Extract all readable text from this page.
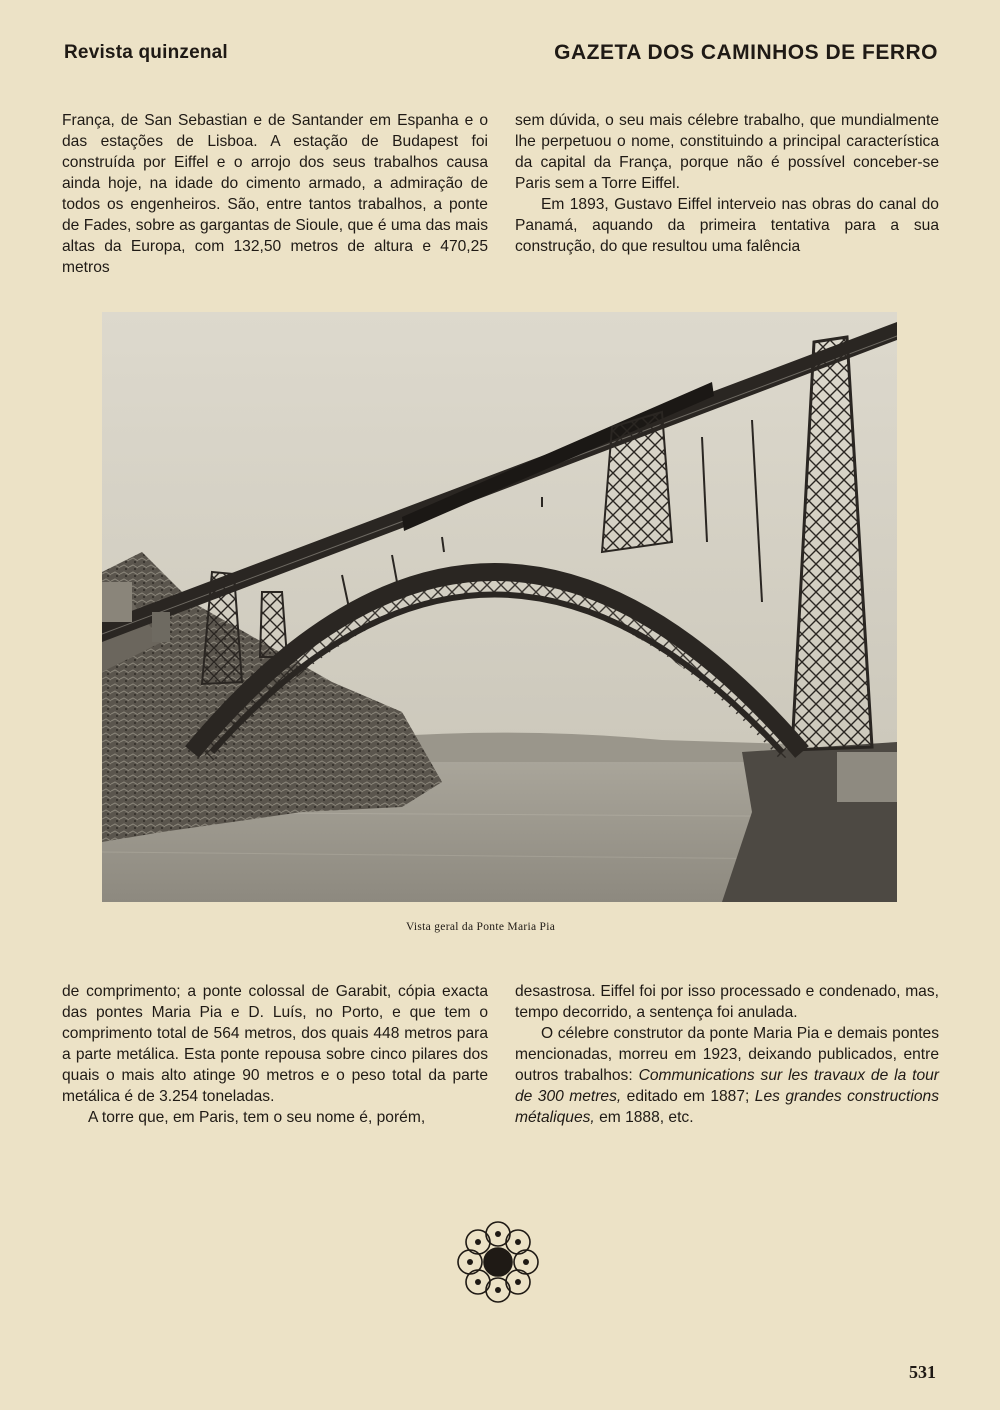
Revista quinzenal	GAZETA DOS CAMINHOS DE FERRO

França, de San Sebastian e de Santander em Espanha e o das estações de Lisboa. A estação de Budapest foi construída por Eiffel e o arrojo dos seus trabalhos causa ainda hoje, na idade do cimento armado, a admiração de todos os engenheiros. São, entre tantos trabalhos, a ponte de Fades, sobre as gargantas de Sioule, que é uma das mais altas da Europa, com 132,50 metros de altura e 470,25 metros

sem dúvida, o seu mais célebre trabalho, que mundialmente lhe perpetuou o nome, constituindo a principal característica da capital da França, porque não é possível conceber-se Paris sem a Torre Eiffel.

Em 1893, Gustavo Eiffel interveio nas obras do canal do Panamá, aquando da primeira tentativa para a sua construção, do que resultou uma falência

Vista geral da Ponte Maria Pia

de comprimento; a ponte colossal de Garabit, cópia exacta das pontes Maria Pia e D. Luís, no Porto, e que tem o comprimento total de 564 metros, dos quais 448 metros para a parte metálica. Esta ponte repousa sobre cinco pilares dos quais o mais alto atinge 90 metros e o peso total da parte metálica é de 3.254 toneladas.

A torre que, em Paris, tem o seu nome é, porém,

desastrosa. Eiffel foi por isso processado e condenado, mas, tempo decorrido, a sentença foi anulada.

O célebre construtor da ponte Maria Pia e demais pontes mencionadas, morreu em 1923, deixando publicados, entre outros trabalhos: Communications sur les travaux de la tour de 300 metres, editado em 1887; Les grandes constructions métaliques, em 1888, etc.

531
